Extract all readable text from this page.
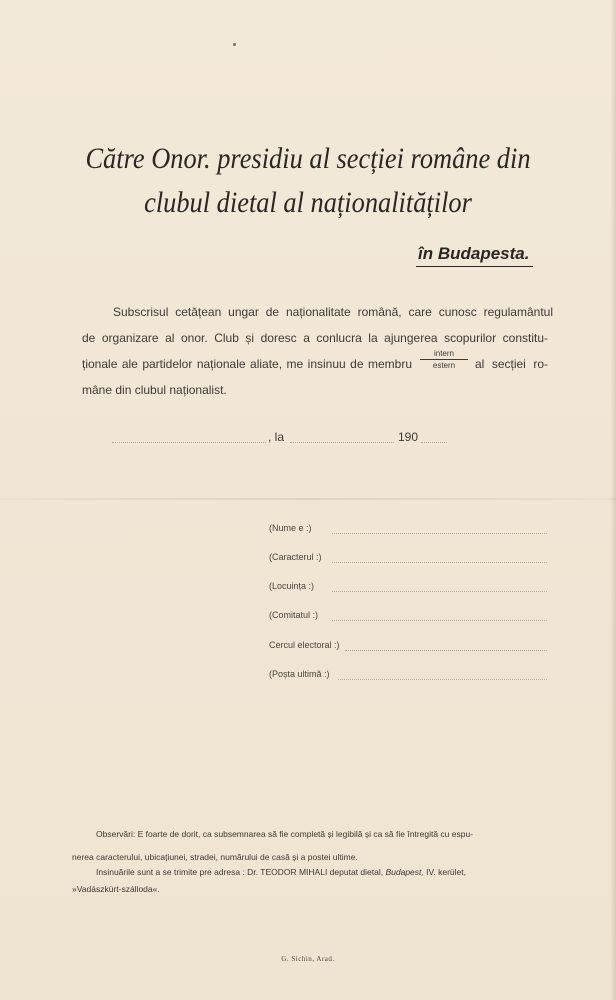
Către Onor. presidiu al secției române din
clubul dietal al naționalităților
în Budapesta.
Subscrisul cetățean ungar de naționalitate română, care cunosc regulamântul
de organizare al onor. Club și doresc a conlucra la ajungerea scopurilor constitu-
ționale ale partidelor naționale aliate, me insinuu de membru
intern
estern	al secției ro-
mâne din clubul naționalist.
, la	190
(Nume e :)
(Caracterul :)
(Locuința :)
(Comitatul :)
Cercul electoral :)
(Poșta ultimă :)
Observări: E foarte de dorit, ca subsemnarea să fie completă și legibilă și ca să fie întregită cu espu-
nerea caracterului, ubicațiunei, stradei, numărului de casă și a postei ultime.
Insinuările sunt a se trimite pre adresa : Dr. TEODOR MIHALI deputat dietal, Budapest, IV. kerület,
»Vadászkürt-szálloda«.
G. Sichin, Arad.
